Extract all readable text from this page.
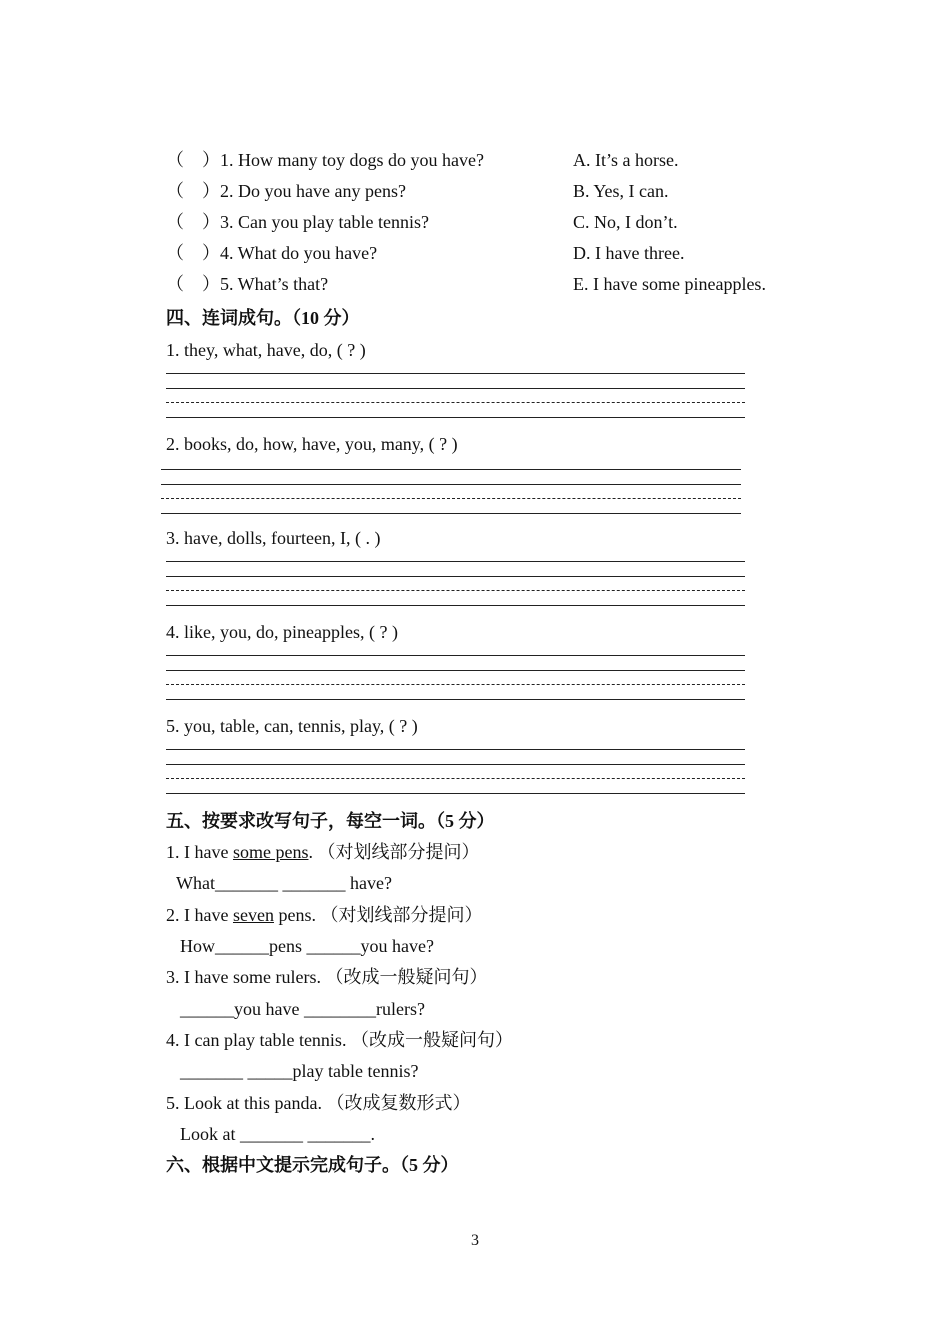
（　）1. How many toy dogs do you have?
（　）2. Do you have any pens?
（　）3. Can you play table tennis?
（　）4. What do you have?
（　）5. What’s that?
A. It’s a horse.
B. Yes, I can.
C. No, I don’t.
D. I have three.
E. I have some pineapples.
四、连词成句。（10 分）
1. they, what, have, do, ( ? )
2. books, do, how, have, you, many, ( ? )
3. have, dolls, fourteen, I, ( . )
4. like, you, do, pineapples, ( ? )
5. you, table, can, tennis, play, ( ? )
五、按要求改写句子，每空一词。（5 分）
1. I have some pens. （对划线部分提问）
What_______ _______ have?
2. I have seven pens. （对划线部分提问）
How______pens ______you have?
3. I have some rulers. （改成一般疑问句）
______you have ________rulers?
4. I can play table tennis. （改成一般疑问句）
_______ _____play table tennis?
5. Look at this panda. （改成复数形式）
Look at _______ _______.
六、根据中文提示完成句子。（5 分）
3
